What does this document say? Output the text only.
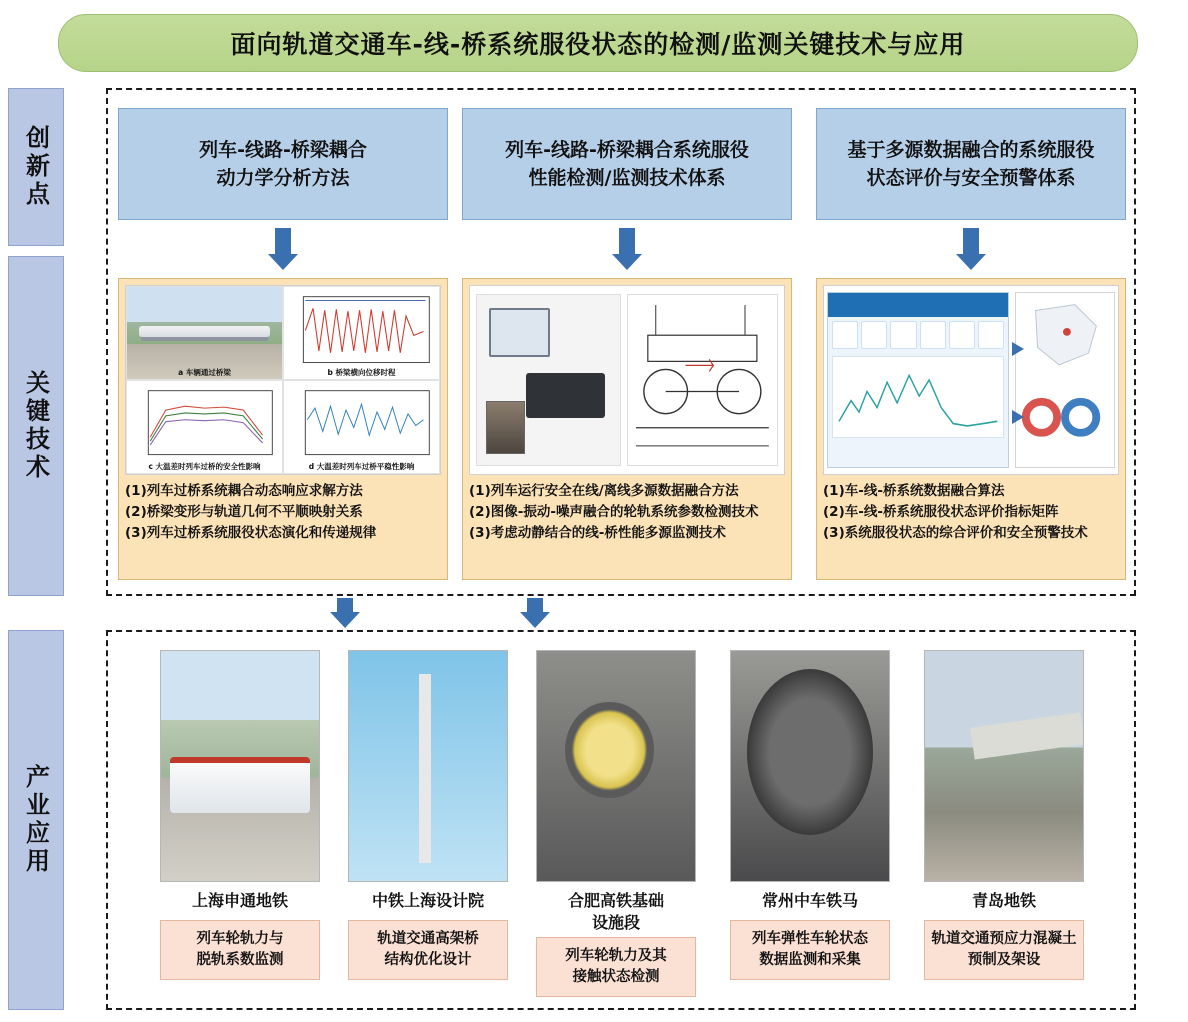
面向轨道交通车-线-桥系统服役状态的检测/监测关键技术与应用
创新点
关键技术
产业应用
列车-线路-桥梁耦合
动力学分析方法
列车-线路-桥梁耦合系统服役
性能检测/监测技术体系
基于多源数据融合的系统服役
状态评价与安全预警体系
a 车辆通过桥梁	b 桥梁横向位移时程
c 大温差时列车过桥的安全性影响	d 大温差时列车过桥平稳性影响
(1)列车过桥系统耦合动态响应求解方法
(2)桥梁变形与轨道几何不平顺映射关系
(3)列车过桥系统服役状态演化和传递规律
(1)列车运行安全在线/离线多源数据融合方法
(2)图像-振动-噪声融合的轮轨系统参数检测技术
(3)考虑动静结合的线-桥性能多源监测技术
(1)车-线-桥系统数据融合算法
(2)车-线-桥系统服役状态评价指标矩阵
(3)系统服役状态的综合评价和安全预警技术
上海申通地铁
列车轮轨力与
脱轨系数监测
中铁上海设计院
轨道交通高架桥
结构优化设计
合肥高铁基础
设施段
列车轮轨力及其
接触状态检测
常州中车铁马
列车弹性车轮状态
数据监测和采集
青岛地铁
轨道交通预应力混凝土
预制及架设
